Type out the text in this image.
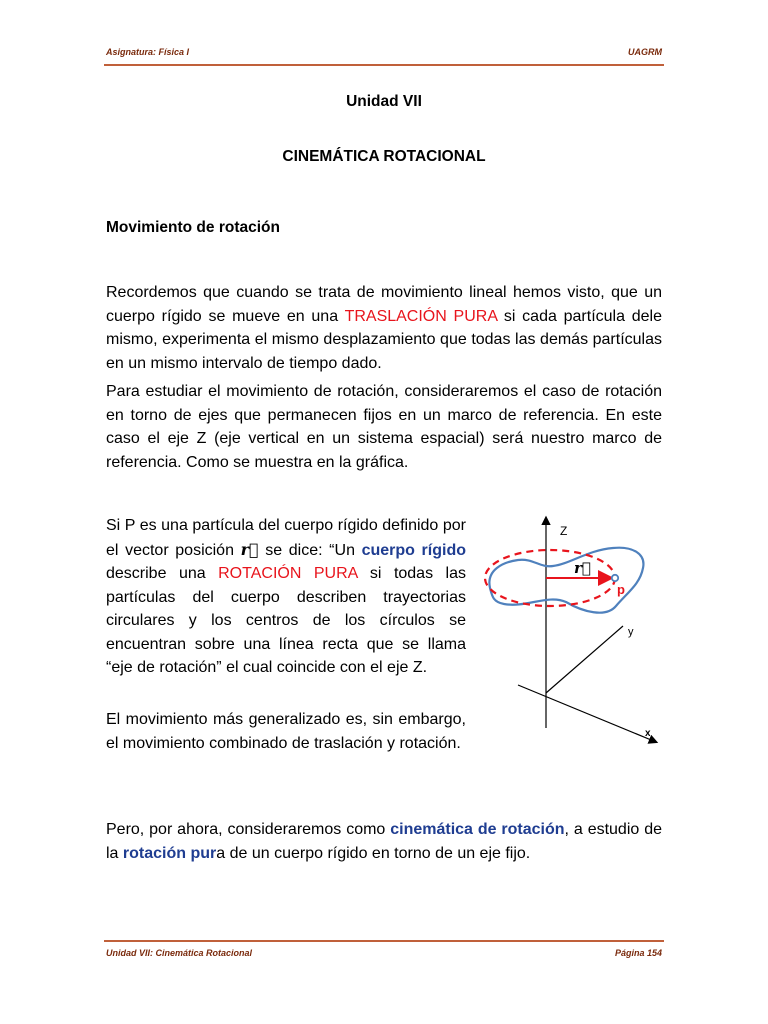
Asignatura: Física I	UAGRM
Unidad VII
CINEMÁTICA ROTACIONAL
Movimiento de rotación
Recordemos que cuando se trata de movimiento lineal hemos visto, que un cuerpo rígido se mueve en una TRASLACIÓN PURA si cada partícula dele mismo, experimenta el mismo desplazamiento que todas las demás partículas en un mismo intervalo de tiempo dado.
Para estudiar el movimiento de rotación, consideraremos el caso de rotación en torno de ejes que permanecen fijos en un marco de referencia. En este caso el eje Z (eje vertical en un sistema espacial) será nuestro marco de referencia. Como se muestra en la gráfica.
Si P es una partícula del cuerpo rígido definido por el vector posición r⃗ se dice: “Un cuerpo rígido describe una ROTACIÓN PURA si todas las partículas del cuerpo describen trayectorias circulares y los centros de los círculos se encuentran sobre una línea recta que se llama “eje de rotación” el cual coincide con el eje Z.
El movimiento más generalizado es, sin embargo, el movimiento combinado de traslación y rotación.
Pero, por ahora, consideraremos como cinemática de rotación, a estudio de la rotación pura de un cuerpo rígido en torno de un eje fijo.
Z
y
x
r⃗
p
Unidad VII: Cinemática Rotacional	Página 154
